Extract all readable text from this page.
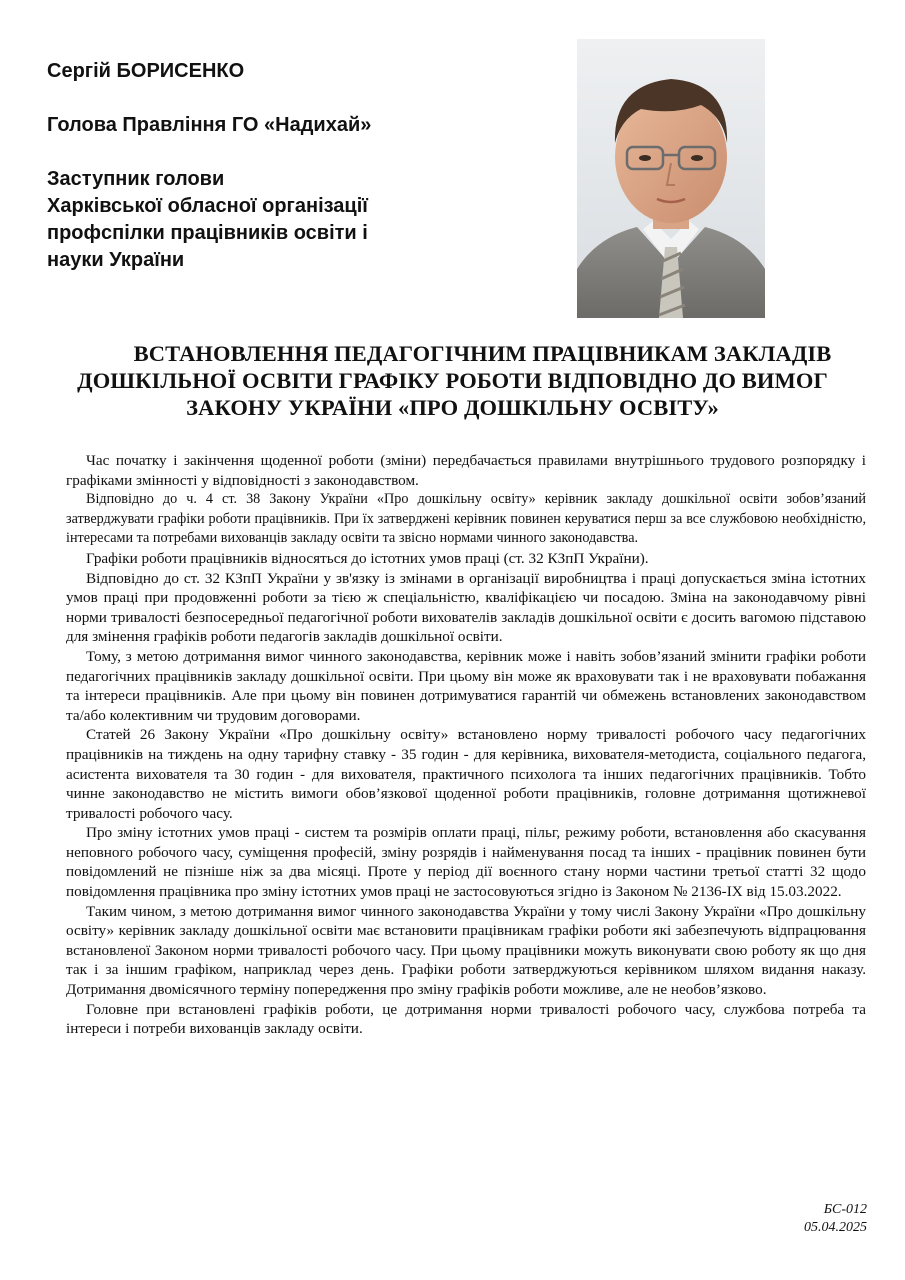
Сергій БОРИСЕНКО
Голова Правління ГО «Надихай»
Заступник голови
Харківської обласної організації
профспілки працівників освіти і
науки України
ВСТАНОВЛЕННЯ ПЕДАГОГІЧНИМ ПРАЦІВНИКАМ ЗАКЛАДІВ
ДОШКІЛЬНОЇ ОСВІТИ ГРАФІКУ РОБОТИ ВІДПОВІДНО ДО ВИМОГ
ЗАКОНУ УКРАЇНИ «ПРО ДОШКІЛЬНУ ОСВІТУ»

Час початку і закінчення щоденної роботи (зміни) передбачається правилами внутрішнього трудового розпорядку і графіками змінності у відповідності з законодавством.

Відповідно до ч. 4 ст. 38 Закону України «Про дошкільну освіту» керівник закладу дошкільної освіти зобов’язаний затверджувати графіки роботи працівників. При їх затверджені керівник повинен керуватися перш за все службовою необхідністю, інтересами та потребами вихованців закладу освіти та звісно нормами чинного законодавства.

Графіки роботи працівників відносяться до істотних умов праці (ст. 32 КЗпП України).

Відповідно до ст. 32 КЗпП України у зв'язку із змінами в організації виробництва і праці допускається зміна істотних умов праці при продовженні роботи за тією ж спеціальністю, кваліфікацією чи посадою. Зміна на законодавчому рівні норми тривалості безпосередньої педагогічної роботи вихователів закладів дошкільної освіти є досить вагомою підставою для змінення графіків роботи педагогів закладів дошкільної освіти.

Тому, з метою дотримання вимог чинного законодавства, керівник може і навіть зобов’язаний змінити графіки роботи педагогічних працівників закладу дошкільної освіти. При цьому він може як враховувати так і не враховувати побажання та інтереси працівників. Але при цьому він повинен дотримуватися гарантій чи обмежень встановлених законодавством та/або колективним чи трудовим договорами.

Статей 26 Закону України «Про дошкільну освіту» встановлено норму тривалості робочого часу педагогічних працівників на тиждень на одну тарифну ставку - 35 годин - для керівника, вихователя-методиста, соціального педагога, асистента вихователя та 30 годин - для вихователя, практичного психолога та інших педагогічних працівників. Тобто чинне законодавство не містить вимоги обов’язкової щоденної роботи працівників, головне дотримання щотижневої тривалості робочого часу.

Про зміну істотних умов праці - систем та розмірів оплати праці, пільг, режиму роботи, встановлення або скасування неповного робочого часу, суміщення професій, зміну розрядів і найменування посад та інших - працівник повинен бути повідомлений не пізніше ніж за два місяці. Проте у період дії воєнного стану норми частини третьої статті 32 щодо повідомлення працівника про зміну істотних умов праці не застосовуються згідно із Законом № 2136-IX від 15.03.2022.

Таким чином, з метою дотримання вимог чинного законодавства України у тому числі Закону України «Про дошкільну освіту» керівник закладу дошкільної освіти має встановити працівникам графіки роботи які забезпечують відпрацювання встановленої Законом норми тривалості робочого часу. При цьому працівники можуть виконувати свою роботу як що дня так і за іншим графіком, наприклад через день. Графіки роботи затверджуються керівником шляхом видання наказу. Дотримання двомісячного терміну попередження про зміну графіків роботи можливе, але не необов’язково.

Головне при встановлені графіків роботи, це дотримання норми тривалості робочого часу, службова потреба та інтереси і потреби вихованців закладу освіти.

БС-012
05.04.2025
